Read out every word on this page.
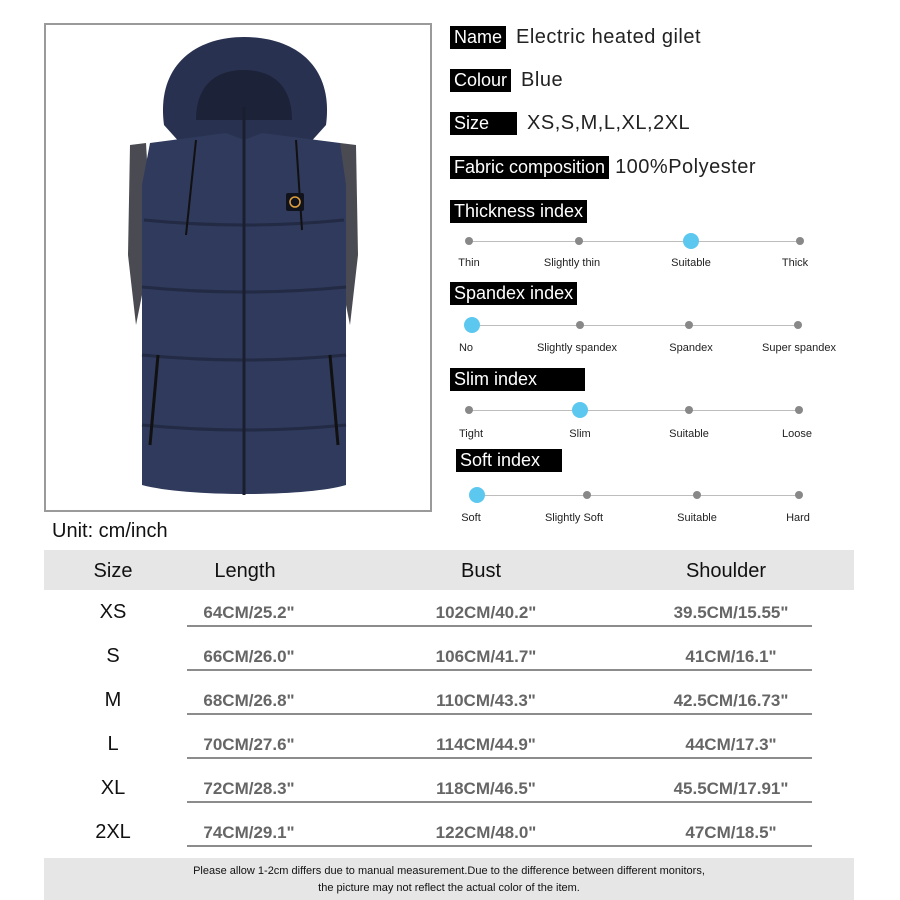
Name Electric heated gilet
Colour Blue
Size	XS,S,M,L,XL,2XL
Fabric composition 100%Polyester
Thickness index
Thin	Slightly thin	Suitable	Thick
Spandex index
No	Slightly spandex	Spandex	Super spandex
Slim index
Tight	Slim	Suitable	Loose
Soft index
Soft	Slightly Soft	Suitable	Hard
Unit: cm/inch
Size	Length	Bust	Shoulder
XS	64CM/25.2"	102CM/40.2"	39.5CM/15.55"
S	66CM/26.0"	106CM/41.7"	41CM/16.1"
M	68CM/26.8"	110CM/43.3"	42.5CM/16.73"
L	70CM/27.6"	114CM/44.9"	44CM/17.3"
XL	72CM/28.3"	118CM/46.5"	45.5CM/17.91"
2XL	74CM/29.1"	122CM/48.0"	47CM/18.5"
Please allow 1-2cm differs due to manual measurement.Due to the difference between different monitors,
the picture may not reflect the actual color of the item.
